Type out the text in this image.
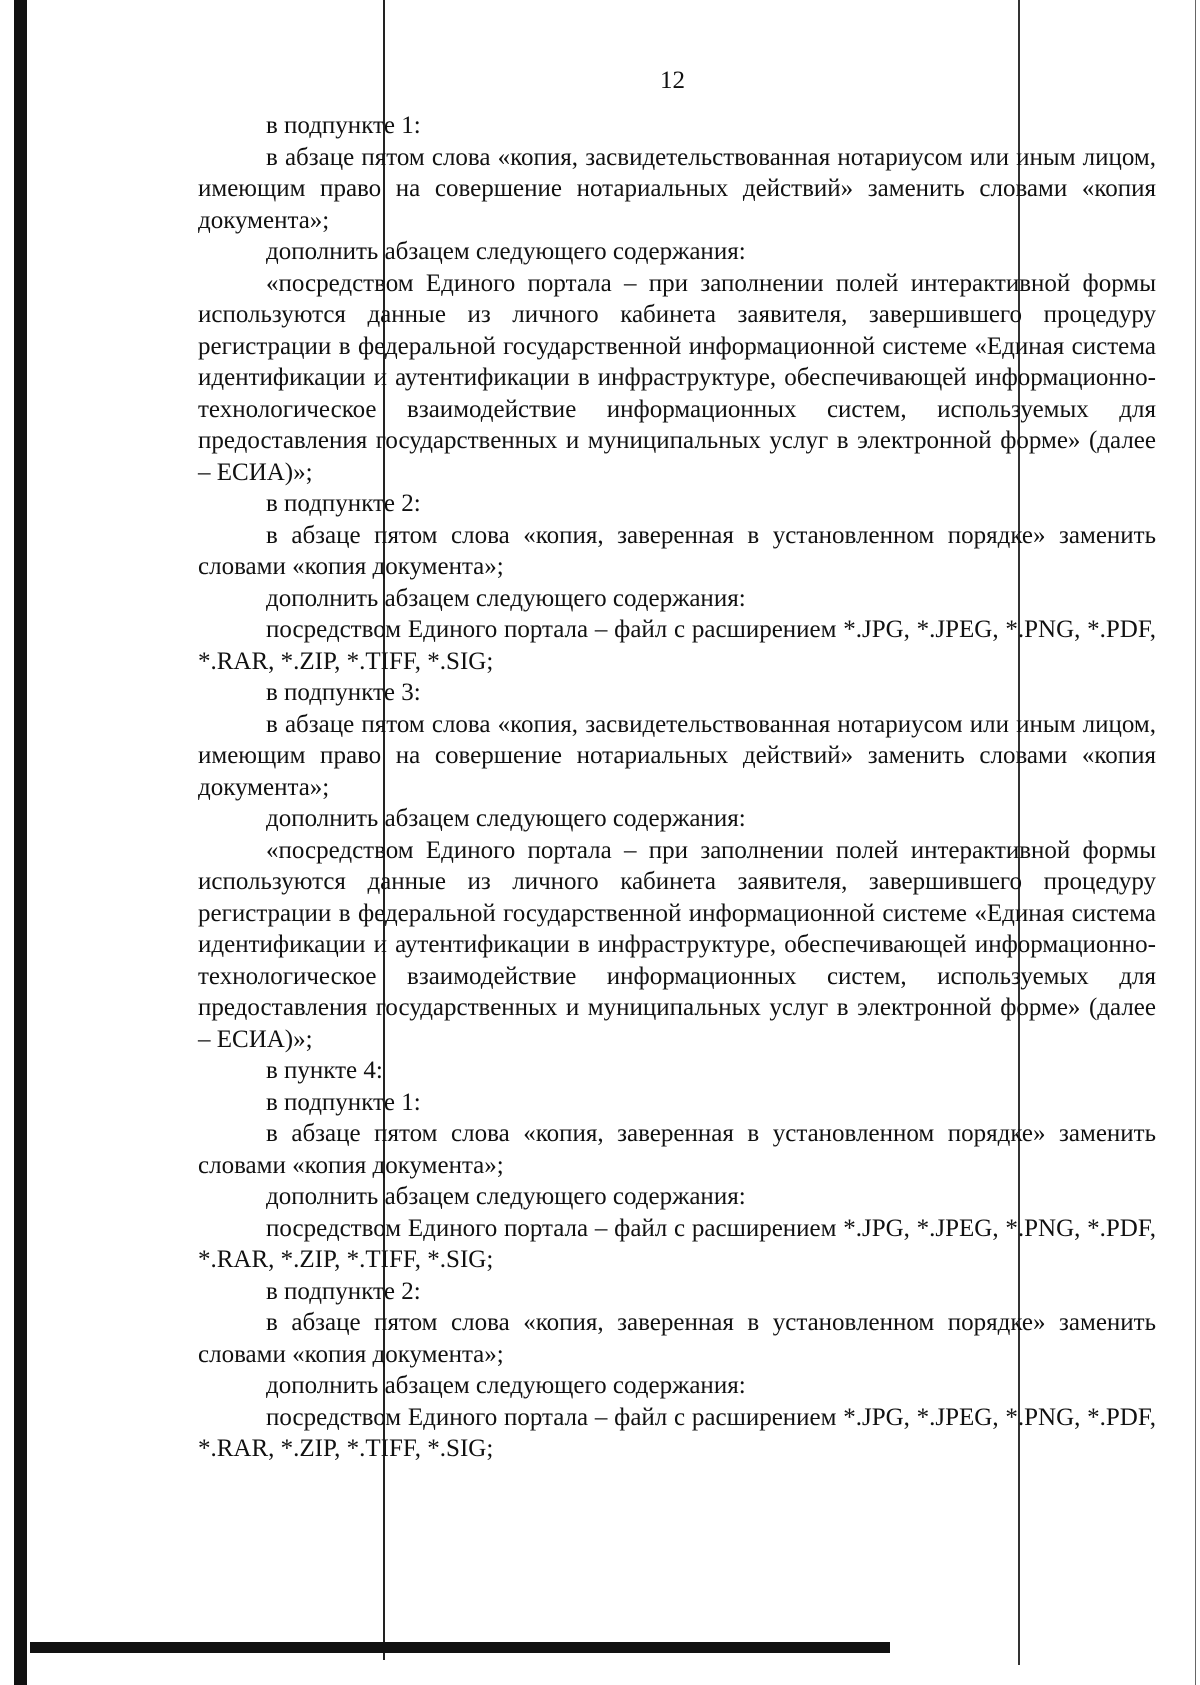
12

в подпункте 1:

в абзаце пятом слова «копия, засвидетельствованная нотариусом или иным лицом, имеющим право на совершение нотариальных действий» заменить словами «копия документа»;

дополнить абзацем следующего содержания:

«посредством Единого портала – при заполнении полей интерактивной формы используются данные из личного кабинета заявителя, завершившего процедуру регистрации в федеральной государственной информационной системе «Единая система идентификации и аутентификации в инфраструктуре, обеспечивающей информационно-технологическое взаимодействие информационных систем, используемых для предоставления государственных и муниципальных услуг в электронной форме» (далее – ЕСИА)»;

в подпункте 2:

в абзаце пятом слова «копия, заверенная в установленном порядке» заменить словами «копия документа»;

дополнить абзацем следующего содержания:

посредством Единого портала – файл с расширением *.JPG, *.JPEG, *.PNG, *.PDF, *.RAR, *.ZIP, *.TIFF, *.SIG;

в подпункте 3:

в абзаце пятом слова «копия, засвидетельствованная нотариусом или иным лицом, имеющим право на совершение нотариальных действий» заменить словами «копия документа»;

дополнить абзацем следующего содержания:

«посредством Единого портала – при заполнении полей интерактивной формы используются данные из личного кабинета заявителя, завершившего процедуру регистрации в федеральной государственной информационной системе «Единая система идентификации и аутентификации в инфраструктуре, обеспечивающей информационно-технологическое взаимодействие информационных систем, используемых для предоставления государственных и муниципальных услуг в электронной форме» (далее – ЕСИА)»;

в пункте 4:

в подпункте 1:

в абзаце пятом слова «копия, заверенная в установленном порядке» заменить словами «копия документа»;

дополнить абзацем следующего содержания:

посредством Единого портала – файл с расширением *.JPG, *.JPEG, *.PNG, *.PDF, *.RAR, *.ZIP, *.TIFF, *.SIG;

в подпункте 2:

в абзаце пятом слова «копия, заверенная в установленном порядке» заменить словами «копия документа»;

дополнить абзацем следующего содержания:

посредством Единого портала – файл с расширением *.JPG, *.JPEG, *.PNG, *.PDF, *.RAR, *.ZIP, *.TIFF, *.SIG;
